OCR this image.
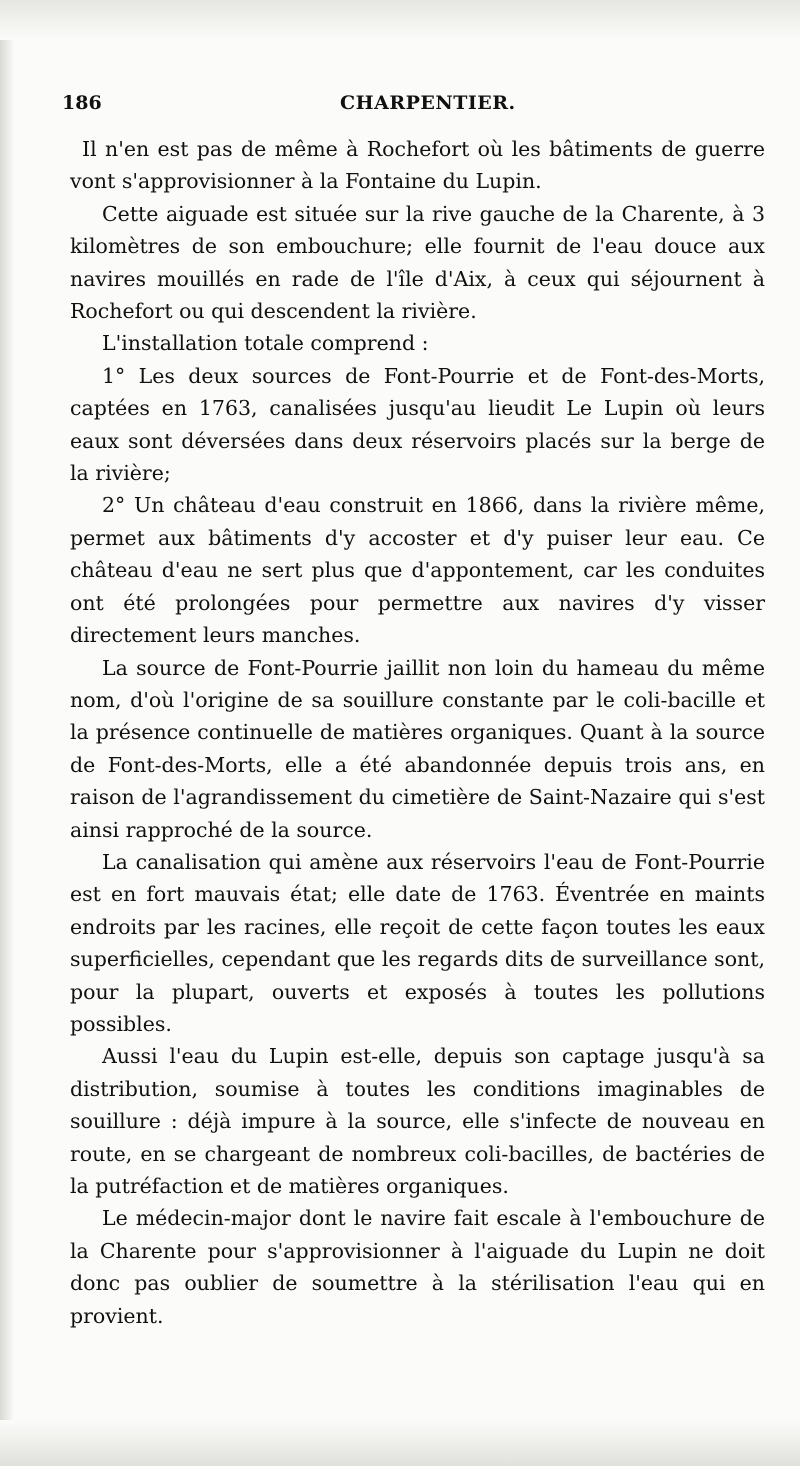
186	CHARPENTIER.

Il n'en est pas de même à Rochefort où les bâtiments de guerre vont s'approvisionner à la Fontaine du Lupin.

Cette aiguade est située sur la rive gauche de la Charente, à 3 kilomètres de son embouchure; elle fournit de l'eau douce aux navires mouillés en rade de l'île d'Aix, à ceux qui séjournent à Rochefort ou qui descendent la rivière.

L'installation totale comprend :

1° Les deux sources de Font-Pourrie et de Font-des-Morts, captées en 1763, canalisées jusqu'au lieudit Le Lupin où leurs eaux sont déversées dans deux réservoirs placés sur la berge de la rivière;

2° Un château d'eau construit en 1866, dans la rivière même, permet aux bâtiments d'y accoster et d'y puiser leur eau. Ce château d'eau ne sert plus que d'appontement, car les conduites ont été prolongées pour permettre aux navires d'y visser directement leurs manches.

La source de Font-Pourrie jaillit non loin du hameau du même nom, d'où l'origine de sa souillure constante par le coli-bacille et la présence continuelle de matières organiques. Quant à la source de Font-des-Morts, elle a été abandonnée depuis trois ans, en raison de l'agrandissement du cimetière de Saint-Nazaire qui s'est ainsi rapproché de la source.

La canalisation qui amène aux réservoirs l'eau de Font-Pourrie est en fort mauvais état; elle date de 1763. Éventrée en maints endroits par les racines, elle reçoit de cette façon toutes les eaux superficielles, cependant que les regards dits de surveillance sont, pour la plupart, ouverts et exposés à toutes les pollutions possibles.

Aussi l'eau du Lupin est-elle, depuis son captage jusqu'à sa distribution, soumise à toutes les conditions imaginables de souillure : déjà impure à la source, elle s'infecte de nouveau en route, en se chargeant de nombreux coli-bacilles, de bactéries de la putréfaction et de matières organiques.

Le médecin-major dont le navire fait escale à l'embouchure de la Charente pour s'approvisionner à l'aiguade du Lupin ne doit donc pas oublier de soumettre à la stérilisation l'eau qui en provient.
